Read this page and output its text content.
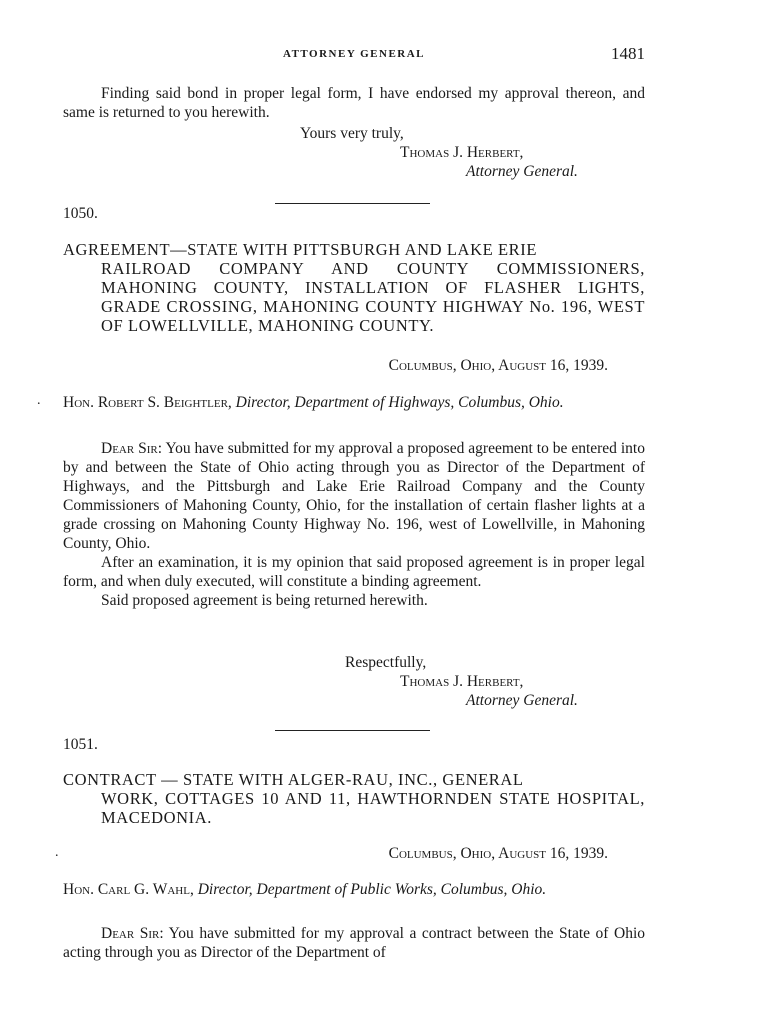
ATTORNEY GENERAL	1481

Finding said bond in proper legal form, I have endorsed my approval thereon, and same is returned to you herewith.

Yours very truly,
Thomas J. Herbert,
Attorney General.
1050.
AGREEMENT—STATE WITH PITTSBURGH AND LAKE ERIE
RAILROAD COMPANY AND COUNTY COMMISSIONERS, MAHONING COUNTY, INSTALLATION OF FLASHER LIGHTS, GRADE CROSSING, MAHONING COUNTY HIGHWAY No. 196, WEST OF LOWELLVILLE, MAHONING COUNTY.
Columbus, Ohio, August 16, 1939.
. Hon. Robert S. Beightler, Director, Department of Highways, Columbus, Ohio.

Dear Sir: You have submitted for my approval a proposed agreement to be entered into by and between the State of Ohio acting through you as Director of the Department of Highways, and the Pittsburgh and Lake Erie Railroad Company and the County Commissioners of Mahoning County, Ohio, for the installation of certain flasher lights at a grade crossing on Mahoning County Highway No. 196, west of Lowellville, in Mahoning County, Ohio.

After an examination, it is my opinion that said proposed agreement is in proper legal form, and when duly executed, will constitute a binding agreement.

Said proposed agreement is being returned herewith.

Respectfully,
Thomas J. Herbert,
Attorney General.
1051.
CONTRACT — STATE WITH ALGER-RAU, INC., GENERAL
WORK, COTTAGES 10 AND 11, HAWTHORNDEN STATE HOSPITAL, MACEDONIA.
.	Columbus, Ohio, August 16, 1939.
Hon. Carl G. Wahl, Director, Department of Public Works, Columbus, Ohio.

Dear Sir: You have submitted for my approval a contract between the State of Ohio acting through you as Director of the Department of
